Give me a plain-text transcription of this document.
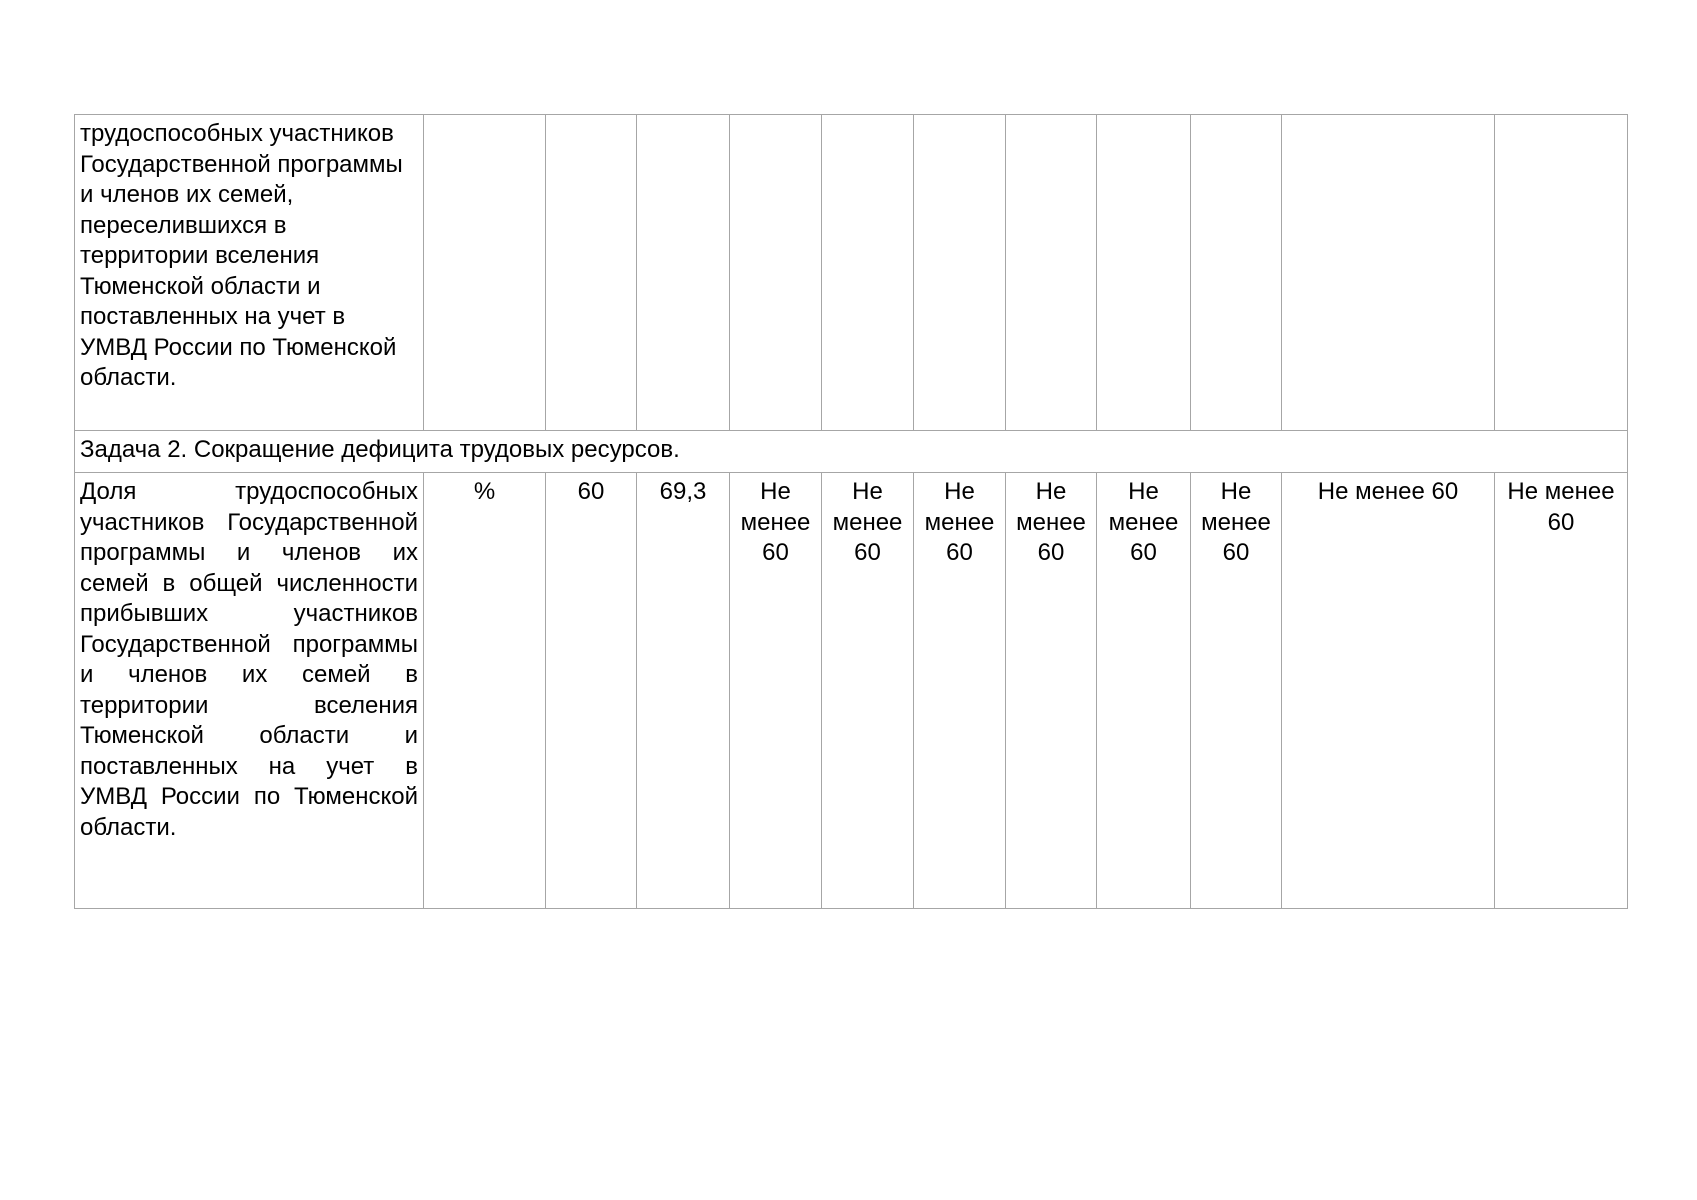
трудоспособных участников Государственной программы и членов их семей, переселившихся в территории вселения Тюменской области и поставленных на учет в УМВД России по Тюменской области.											

Задача 2. Сокращение дефицита трудовых ресурсов.											

Доля трудоспособных участников Государственной программы и членов их семей в общей численности прибывших участников Государственной программы и членов их семей в территории вселения Тюменской области и поставленных на учет в УМВД России по Тюменской области.	%	60	69,3	Не менее 60	Не менее 60	Не менее 60	Не менее 60	Не менее 60	Не менее 60	Не менее 60	Не менее 60
